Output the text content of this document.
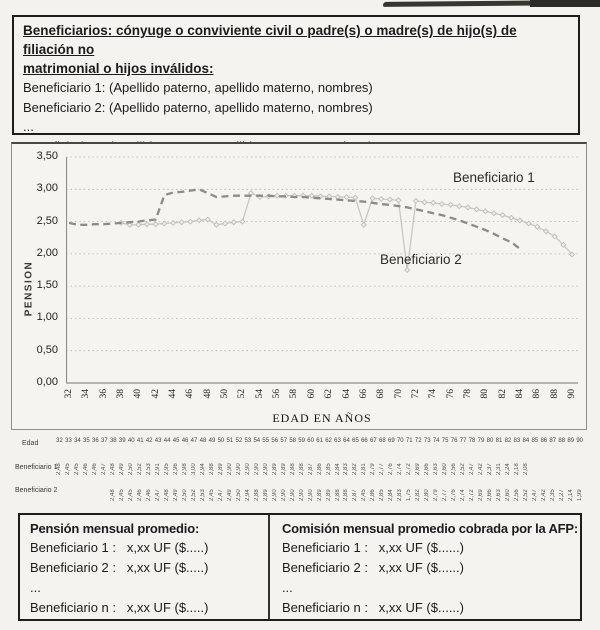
Beneficiarios: cónyuge o conviviente civil o padre(s) o madre(s) de hijo(s) de filiación no
matrimonial o hijos inválidos:
Beneficiario 1: (Apellido paterno, apellido materno, nombres)
Beneficiario 2: (Apellido paterno, apellido materno, nombres)
...
PENSION
3,50
3,00
2,50
2,00
1,50
1,00
0,50
0,00
Beneficiario 1
Beneficiario 2
32 34 36 38 40 42 44 46 48 50 52 54 56 58 60 62 64 66 68 70 72 74 76 78 80 82 84 86 88 90
EDAD EN AÑOS
Edad
Beneficiario 1
Beneficiario 2
32
2,48
33
2,45
34
2,45
35
2,46
36
2,46
37
2,47
38
2,48
2,48
39
2,49
2,45
40
2,50
2,45
41
2,52
2,46
42
2,53
2,46
43
2,91
2,47
44
2,95
2,48
45
2,96
2,49
46
2,98
2,50
47
3,00
2,52
48
2,94
2,53
49
2,88
2,45
50
2,89
2,47
51
2,90
2,49
52
2,90
2,50
53
2,90
2,94
54
2,90
2,88
55
2,90
2,89
56
2,89
2,90
57
2,89
2,90
58
2,88
2,90
59
2,88
2,90
60
2,87
2,90
61
2,86
2,89
62
2,85
2,89
63
2,84
2,88
64
2,83
2,88
65
2,82
2,87
66
2,81
2,45
67
2,79
2,86
68
2,77
2,85
69
2,76
2,84
70
2,74
2,83
71
2,72
1,75
72
2,69
2,82
73
2,66
2,80
74
2,63
2,79
75
2,60
2,77
76
2,56
2,76
77
2,52
2,74
78
2,47
2,72
79
2,42
2,69
80
2,37
2,66
81
2,31
2,63
82
2,24
2,60
83
2,18
2,56
84
2,08
2,52
85
2,47
86
2,42
87
2,35
88
2,27
89
2,14
90
1,99
Pensión mensual promedio:
Beneficiario 1 :   x,xx UF ($.....)
Beneficiario 2 :   x,xx UF ($.....)
...
Beneficiario n :   x,xx UF ($.....)
Comisión mensual promedio cobrada por la AFP:
Beneficiario 1 :   x,xx UF ($......)
Beneficiario 2 :   x,xx UF ($......)
...
Beneficiario n :   x,xx UF ($......)
